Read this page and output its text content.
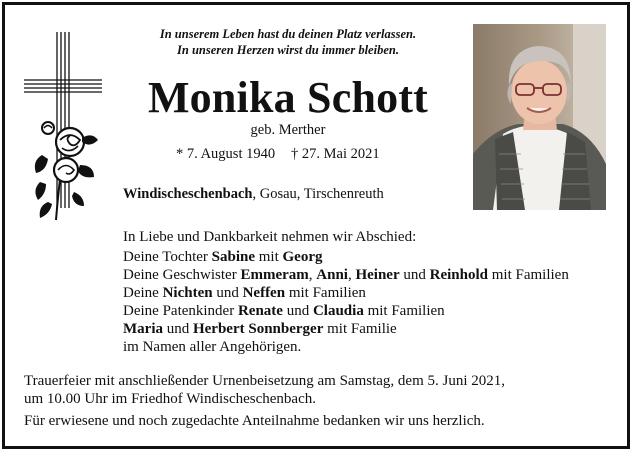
In unserem Leben hast du deinen Platz verlassen.
In unseren Herzen wirst du immer bleiben.
Monika Schott
geb. Merther
* 7. August 1940 † 27. Mai 2021
Windischeschenbach, Gosau, Tirschenreuth
In Liebe und Dankbarkeit nehmen wir Abschied:
Deine Tochter Sabine mit Georg
Deine Geschwister Emmeram, Anni, Heiner und Reinhold mit Familien
Deine Nichten und Neffen mit Familien
Deine Patenkinder Renate und Claudia mit Familien
Maria und Herbert Sonnberger mit Familie
im Namen aller Angehörigen.
Trauerfeier mit anschließender Urnenbeisetzung am Samstag, dem 5. Juni 2021,
um 10.00 Uhr im Friedhof Windischeschenbach.
Für erwiesene und noch zugedachte Anteilnahme bedanken wir uns herzlich.
